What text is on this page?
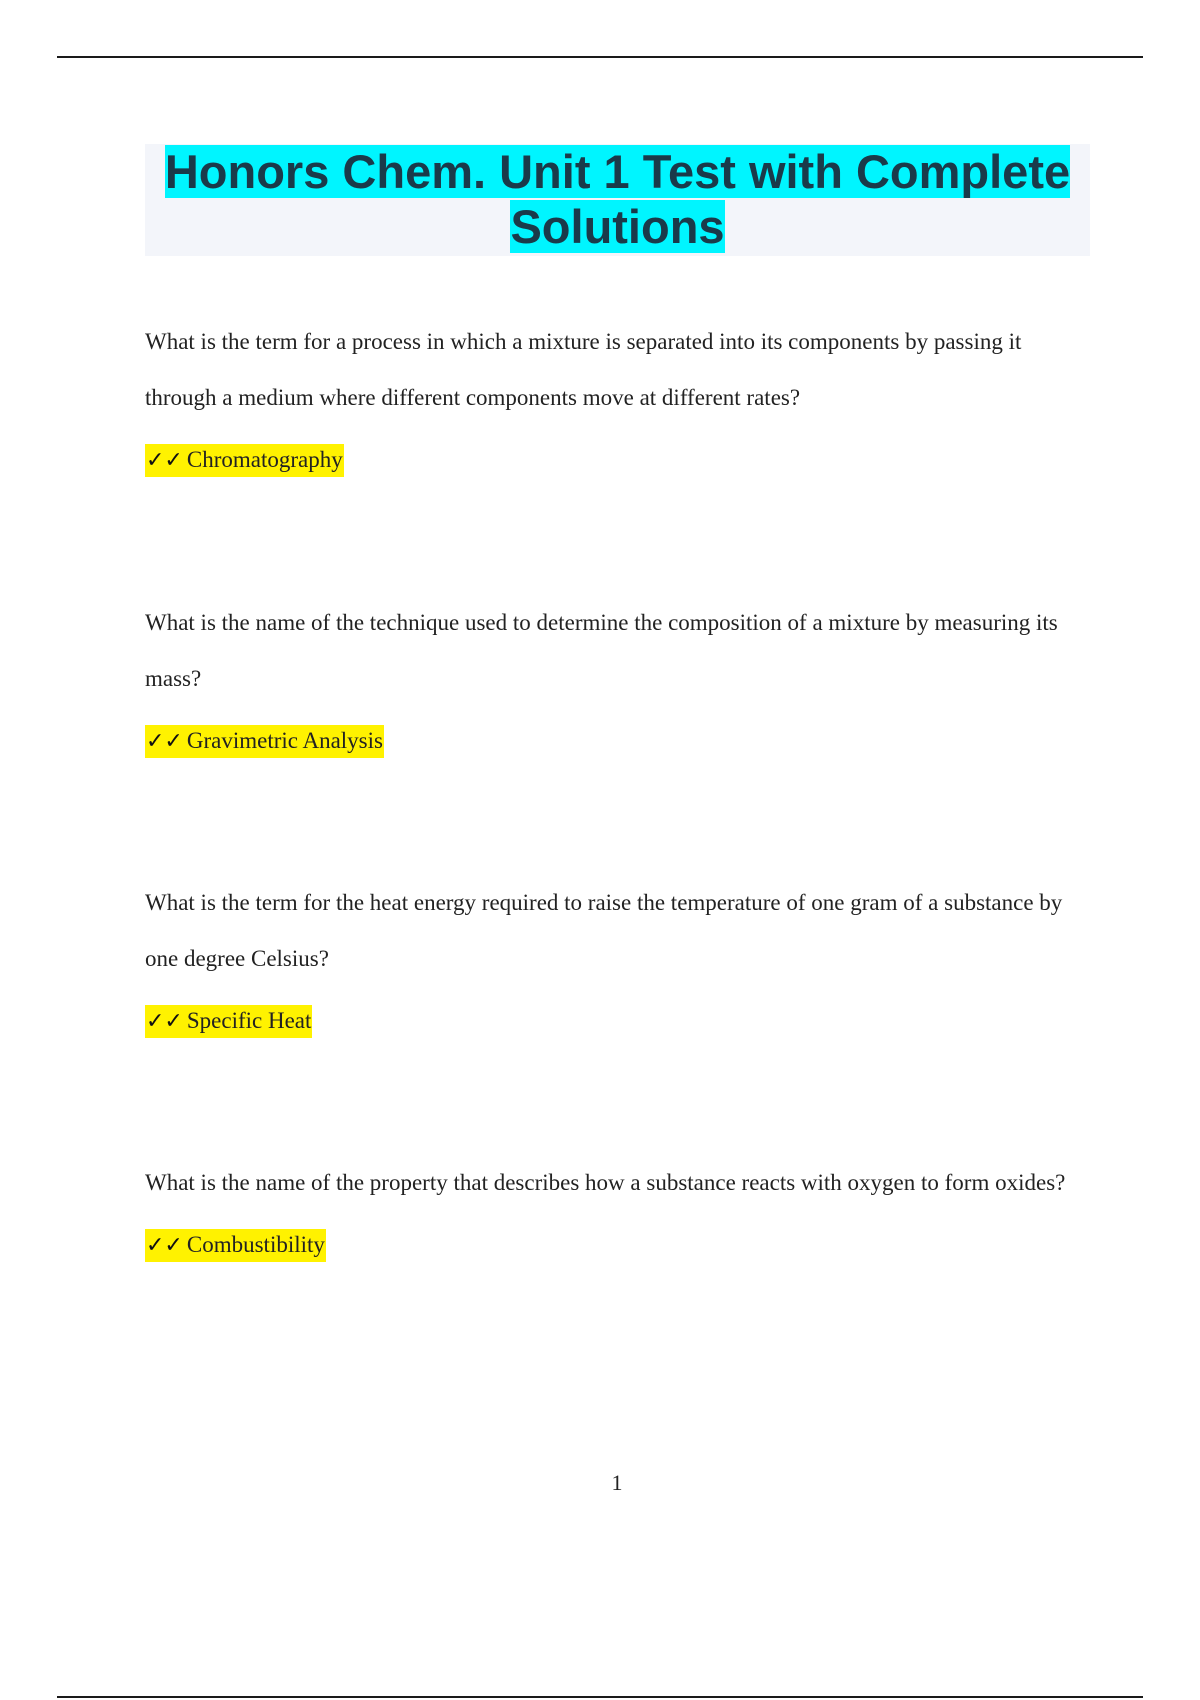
Honors Chem. Unit 1 Test with Complete
Solutions

What is the term for a process in which a mixture is separated into its components by passing it through a medium where different components move at different rates?

✓✓ Chromatography

What is the name of the technique used to determine the composition of a mixture by measuring its mass?

✓✓ Gravimetric Analysis

What is the term for the heat energy required to raise the temperature of one gram of a substance by one degree Celsius?

✓✓ Specific Heat

What is the name of the property that describes how a substance reacts with oxygen to form oxides?

✓✓ Combustibility
1
